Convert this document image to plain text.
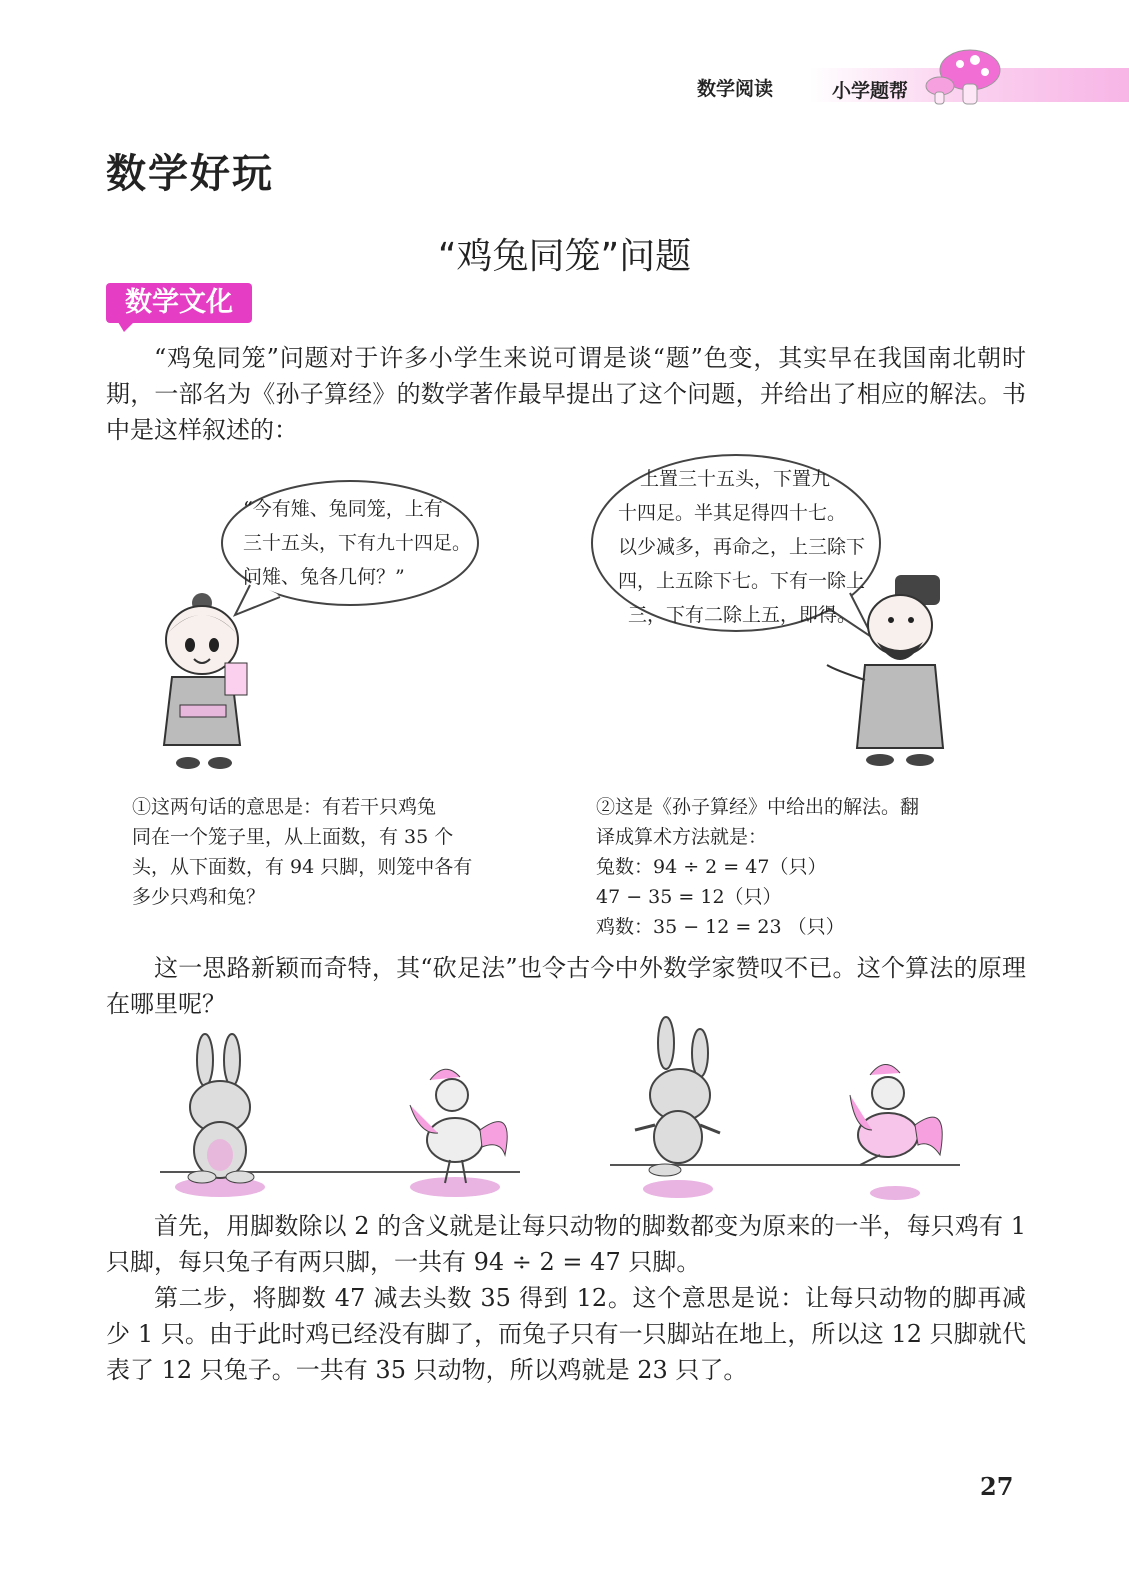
数学阅读	小学题帮
数学好玩
“鸡兔同笼”问题
数学文化
“鸡兔同笼”问题对于许多小学生来说可谓是谈“题”色变，其实早在我国南北朝时期，一部名为《孙子算经》的数学著作最早提出了这个问题，并给出了相应的解法。书中是这样叙述的：
“今有雉、兔同笼，上有
三十五头，下有九十四足。
问雉、兔各几何？”
上置三十五头，下置九
十四足。半其足得四十七。
以少减多，再命之，上三除下
四，上五除下七。下有一除上
三，下有二除上五，即得。
①这两句话的意思是：有若干只鸡兔
同在一个笼子里，从上面数，有 35 个
头，从下面数，有 94 只脚，则笼中各有
多少只鸡和兔？
②这是《孙子算经》中给出的解法。翻
译成算术方法就是：
兔数：94 ÷ 2 = 47（只）
47 − 35 = 12（只）
鸡数：35 − 12 = 23 （只）
这一思路新颖而奇特，其“砍足法”也令古今中外数学家赞叹不已。这个算法的原理在哪里呢？
首先，用脚数除以 2 的含义就是让每只动物的脚数都变为原来的一半，每只鸡有 1 只脚，每只兔子有两只脚，一共有 94 ÷ 2 = 47 只脚。
第二步，将脚数 47 减去头数 35 得到 12。这个意思是说：让每只动物的脚再减少 1 只。由于此时鸡已经没有脚了，而兔子只有一只脚站在地上，所以这 12 只脚就代表了 12 只兔子。一共有 35 只动物，所以鸡就是 23 只了。
27
